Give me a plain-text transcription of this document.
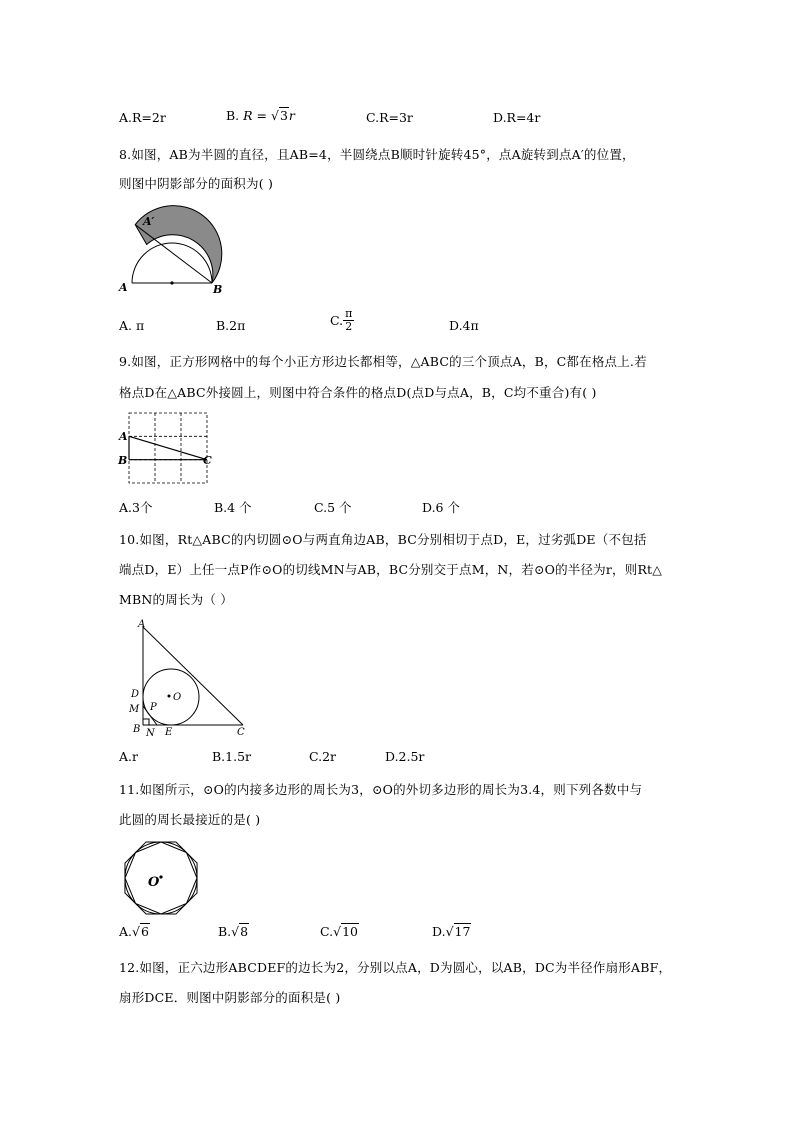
A.R=2r	B. R = √3r	C.R=3r	D.R=4r
8.如图，AB为半圆的直径，且AB=4，半圆绕点B顺时针旋转45°，点A旋转到点A′的位置，
则图中阴影部分的面积为( )
A′
A	B
A. π	B.2π	C. $\frac{\pi}{2}$	D.4π
9.如图，正方形网格中的每个小正方形边长都相等，△ABC的三个顶点A，B，C都在格点上.若
格点D在△ABC外接圆上，则图中符合条件的格点D(点D与点A，B，C均不重合)有( )
A
B	C
A.3个	B.4 个	C.5 个	D.6 个
10.如图，Rt△ABC的内切圆⊙O与两直角边AB，BC分别相切于点D，E，过劣弧DE（不包括
端点D，E）上任一点P作⊙O的切线MN与AB，BC分别交于点M，N，若⊙O的半径为r，则Rt△
MBN的周长为（ ）
A
D
M P
O
B N E	C
A.r	B.1.5r	C.2r	D.2.5r
11.如图所示，⊙O的内接多边形的周长为3，⊙O的外切多边形的周长为3.4，则下列各数中与
此圆的周长最接近的是( )
O
A.√6	B.√8	C.√10	D.√17
12.如图，正六边形ABCDEF的边长为2，分别以点A，D为圆心，以AB，DC为半径作扇形ABF，
扇形DCE．则图中阴影部分的面积是( )
